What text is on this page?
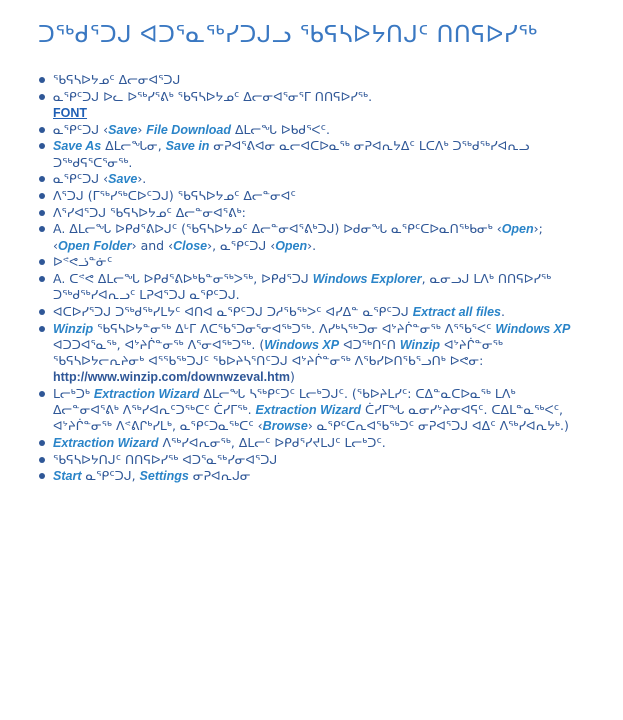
ᑐᖅᑯᕐᑐᒍ ᐊᑐᕐᓇᖅᓯᑐᒍᓗ ᖃᕋᓴᐅᔭᑎᒍᑦ ᑎᑎᕋᐅᓯᖅ
ᖃᕋᓴᐅᔭᓄᑦ ᐃᓕᓂᐊᕐᑐᒍ
ᓇᕿᑦᑐᒍ ᐅᓚ ᐅᖅᓯᕐᕕᒃ ᖃᕋᓴᐅᔭᓄᑦ ᐃᓕᓂᐊᕐᓂᕐᒥ ᑎᑎᕋᐅᓯᖅ.
FONT
ᓇᕿᑦᑐᒍ ‹Save› File Download ᐃᒪᓕᖓ ᐅᑲᑯᕐᐸᑦ.
Save As ᐃᒪᓕᖓᓂ, Save in ᓂᕈᐊᕐᕕᐊᓂ ᓇᓕᐊᑕᐅᓇᖅ ᓂᕈᐊᕆᔭᐃᑦ ᒪᑕᐱᒃ ᑐᖅᑯᖅᓯᐊᕆᓗ ᑐᖅᑯᕋᕐᑕᕐᓂᖅ.
ᓇᕿᑦᑐᒍ ‹Save›.
ᐱᕐᑐᒍ (ᒥᖅᓯᖅᑕᐅᑦᑐᒍ) ᖃᕋᓴᐅᔭᓄᑦ ᐃᓕᓐᓂᐊᑦ
ᐱᕐᓯᐊᕐᑐᒍ ᖃᕋᓴᐅᔭᓄᑦ ᐃᓕᓐᓂᐊᕐᕕᒃ:
A. ᐃᒪᓕᖓ ᐅᑭᑯᕐᕕᐅᒍᑦ (ᖃᕋᓴᐅᔭᓄᑦ ᐃᓕᓐᓂᐊᕐᕕᒃᑐᒍ) ᐅᑯᓂᖓ ᓇᕿᑦᑕᐅᓇᑎᖅᑲᓂᒃ ‹Open›; ‹Open Folder› and ‹Close›, ᓇᕿᑦᑐᒍ ‹Open›.
ᐅᕝᕙᓘᓐᓃᑦ
A. ᑕᕝᕙ ᐃᒪᓕᖓ ᐅᑭᑯᕐᕕᐅᒃᑲᓐᓂᖅᐳᖅ, ᐅᑭᑯᕐᑐᒍ Windows Explorer, ᓇᓂᓗᒍ ᒪᐱᒃ ᑎᑎᕋᐅᓯᖅ ᑐᖅᑯᖅᓯᐊᕆᓗᑦ ᒪᕈᐊᕐᑐᒍ ᓇᕿᑦᑐᒍ.
ᐊᑕᐅᓯᕐᑐᒍ ᑐᖅᑯᖅᓯᒪᔭᑦ ᐊᑎᐊ ᓇᕿᑦᑐᒍ ᑐᓱᕐᑲᖅᐳᑦ ᐊᓯᐃᓐ ᓇᕿᑦᑐᒍ Extract all files.
Winzip ᖃᕋᓴᐅᔭᓐᓂᖅ ᐃᒡᒥ ᐱᑕᖃᕐᑐᓂᕐᓂᐊᖅᑐᖅ. ᐱᓯᒃᓴᖅᑐᓂ ᐊᔾᔨᒌᓐᓂᖅ ᐱᕐᖃᕐᐸᑦ Windows XP ᐊᑐᑐᐊᕐᓇᖅ, ᐊᔾᔨᒌᓐᓂᖅ ᐱᕐᓂᐊᖅᑐᖅ. (Windows XP ᐊᑐᖅᑎᑦᑎ Winzip ᐊᔾᔨᒌᓐᓂᖅ ᖃᕋᓴᐅᔭᓕᕆᔨᓂᒃ ᐊᕐᖃᖅᑐᒍᑦ ᖃᐅᔨᓴᕐᑎᑦᑐᒍ ᐊᔾᔨᒌᓐᓂᖅ ᐱᖃᓯᐅᑎᖃᕐᓗᑎᒃ ᐅᕙᓂ:
http://www.winzip.com/downwzeval.htm)
ᒪᓕᒃᑐᒃ Extraction Wizard ᐃᒪᓕᖓ ᓴᖅᑭᑦᑐᑦ ᒪᓕᒃᑐᒍᑦ. (ᖃᐅᔨᒪᓯᑦ: ᑕᐃᓐᓇᑕᐅᓇᖅ ᒪᐱᒃ ᐃᓕᓐᓂᐊᕐᕕᒃ ᐱᖅᓯᐊᕆᑦᑐᖅᑕᑦ ᑖᓯᒥᖅ. Extraction Wizard ᑖᓯᒥᖓ ᓇᓂᓯᔾᔨᓂᐊᕋᑦ. ᑕᐃᒪᓐᓇᖅᐸᑦ, ᐊᔾᔨᒌᓐᓂᖅ ᐱᕝᕕᒋᒃᓯᒪᒃ, ᓇᕿᑦᑐᓇᖅᑕᑦ ‹Browse› ᓇᕿᑦᑕᕆᐊᖃᖅᑐᑦ ᓂᕈᐊᕐᑐᒍ ᐊᐃᑦ ᐱᖅᓯᐊᕆᔭᒃ.)
Extraction Wizard ᐱᖅᓯᐊᕆᓂᖅ, ᐃᒪᓕᑦ ᐅᑭᑯᕐᓯᔪᒪᒍᑦ ᒪᓕᒃᑐᑦ.
ᖃᕋᓴᐅᔭᑎᒍᑦ ᑎᑎᕋᐅᓯᖅ ᐊᑐᕐᓇᖅᓯᓂᐊᕐᑐᒍ
Start ᓇᕿᑦᑐᒍ, Settings ᓂᕈᐊᕆᒍᓂ
